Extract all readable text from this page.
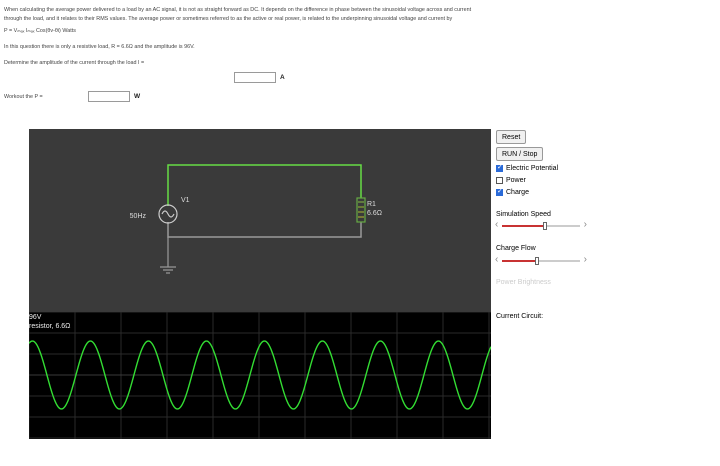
When calculating the average power delivered to a load by an AC signal, it is not as straight forward as DC. It depends on the difference in phase between the sinusoidal voltage across and current
through the load, and it relates to their RMS values. The average power or sometimes referred to as the active or real power, is related to the underpinning sinusoidal voltage and current by
P = Vₘₐₓ Iₘₐₓ Cos(θv-θi) Watts
In this question there is only a resistive load, R = 6.6Ω and the amplitude is 96V.
Determine the amplitude of the current through the load I =
A
Workout the P =	W
50Hz
V1
R1
6.6Ω
96V
resistor, 6.6Ω
Reset
RUN / Stop
✓
Electric Potential
Power
✓
Charge
Simulation Speed
‹	›
Charge Flow
‹	›
Power Brightness
Current Circuit:
